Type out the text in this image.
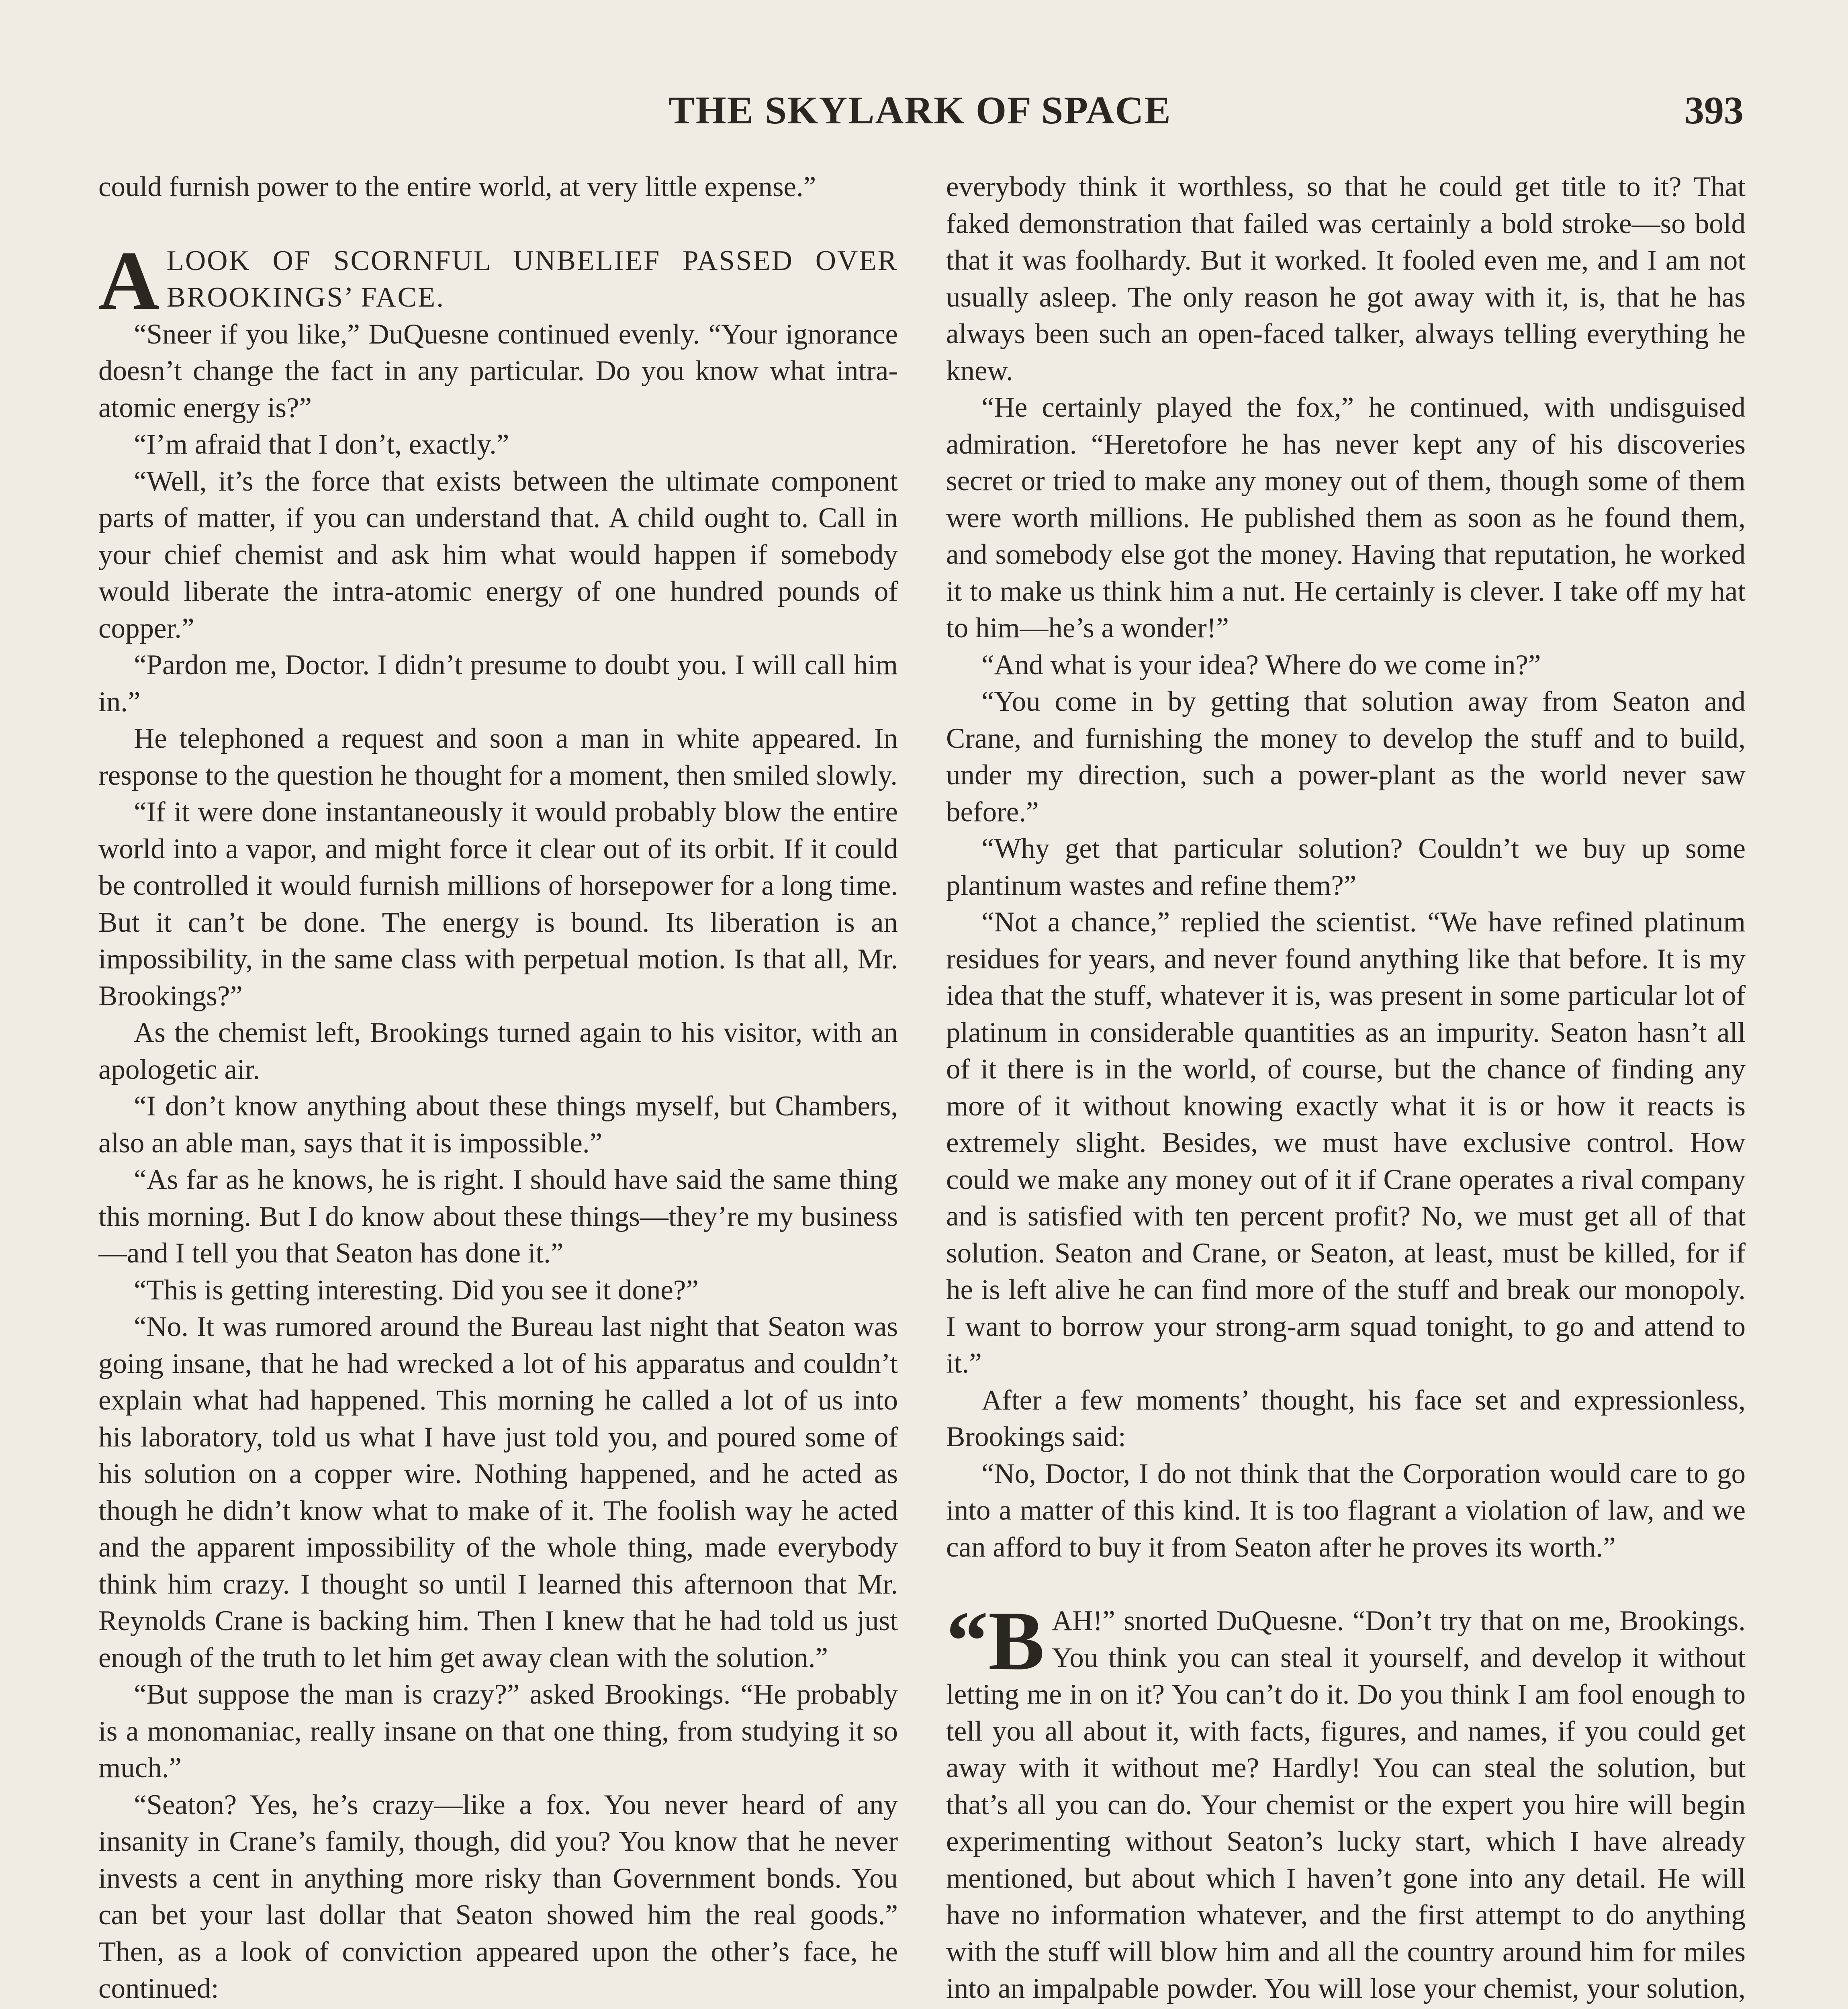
THE SKYLARK OF SPACE	393

could furnish power to the entire world, at very little expense.”

ALOOK OF SCORNFUL UNBELIEF PASSED OVER BROOKINGS’ FACE.

“Sneer if you like,” DuQuesne continued evenly. “Your ignorance doesn’t change the fact in any particular. Do you know what intra-atomic energy is?”

“I’m afraid that I don’t, exactly.”

“Well, it’s the force that exists between the ultimate component parts of matter, if you can understand that. A child ought to. Call in your chief chemist and ask him what would happen if somebody would liberate the intra-atomic energy of one hundred pounds of copper.”

“Pardon me, Doctor. I didn’t presume to doubt you. I will call him in.”

He telephoned a request and soon a man in white appeared. In response to the question he thought for a moment, then smiled slowly.

“If it were done instantaneously it would probably blow the entire world into a vapor, and might force it clear out of its orbit. If it could be controlled it would furnish millions of horsepower for a long time. But it can’t be done. The energy is bound. Its liberation is an impossibility, in the same class with perpetual motion. Is that all, Mr. Brookings?”

As the chemist left, Brookings turned again to his visitor, with an apologetic air.

“I don’t know anything about these things myself, but Chambers, also an able man, says that it is impossible.”

“As far as he knows, he is right. I should have said the same thing this morning. But I do know about these things—they’re my business—and I tell you that Seaton has done it.”

“This is getting interesting. Did you see it done?”

“No. It was rumored around the Bureau last night that Seaton was going insane, that he had wrecked a lot of his apparatus and couldn’t explain what had happened. This morning he called a lot of us into his laboratory, told us what I have just told you, and poured some of his solution on a copper wire. Nothing happened, and he acted as though he didn’t know what to make of it. The foolish way he acted and the apparent impossibility of the whole thing, made everybody think him crazy. I thought so until I learned this afternoon that Mr. Reynolds Crane is backing him. Then I knew that he had told us just enough of the truth to let him get away clean with the solution.”

“But suppose the man is crazy?” asked Brookings. “He probably is a monomaniac, really insane on that one thing, from studying it so much.”

“Seaton? Yes, he’s crazy—like a fox. You never heard of any insanity in Crane’s family, though, did you? You know that he never invests a cent in anything more risky than Government bonds. You can bet your last dollar that Seaton showed him the real goods.” Then, as a look of conviction appeared upon the other’s face, he continued:

everybody think it worthless, so that he could get title to it? That faked demonstration that failed was certainly a bold stroke—so bold that it was foolhardy. But it worked. It fooled even me, and I am not usually asleep. The only reason he got away with it, is, that he has always been such an open-faced talker, always telling everything he knew.

“He certainly played the fox,” he continued, with undisguised admiration. “Heretofore he has never kept any of his discoveries secret or tried to make any money out of them, though some of them were worth millions. He published them as soon as he found them, and somebody else got the money. Having that reputation, he worked it to make us think him a nut. He certainly is clever. I take off my hat to him—he’s a wonder!”

“And what is your idea? Where do we come in?”

“You come in by getting that solution away from Seaton and Crane, and furnishing the money to develop the stuff and to build, under my direction, such a power-plant as the world never saw before.”

“Why get that particular solution? Couldn’t we buy up some plantinum wastes and refine them?”

“Not a chance,” replied the scientist. “We have refined platinum residues for years, and never found anything like that before. It is my idea that the stuff, whatever it is, was present in some particular lot of platinum in considerable quantities as an impurity. Seaton hasn’t all of it there is in the world, of course, but the chance of finding any more of it without knowing exactly what it is or how it reacts is extremely slight. Besides, we must have exclusive control. How could we make any money out of it if Crane operates a rival company and is satisfied with ten percent profit? No, we must get all of that solution. Seaton and Crane, or Seaton, at least, must be killed, for if he is left alive he can find more of the stuff and break our monopoly. I want to borrow your strong-arm squad tonight, to go and attend to it.”

After a few moments’ thought, his face set and expressionless, Brookings said:

“No, Doctor, I do not think that the Corporation would care to go into a matter of this kind. It is too flagrant a violation of law, and we can afford to buy it from Seaton after he proves its worth.”

“BAH!” snorted DuQuesne. “Don’t try that on me, Brookings. You think you can steal it yourself, and develop it without letting me in on it? You can’t do it. Do you think I am fool enough to tell you all about it, with facts, figures, and names, if you could get away with it without me? Hardly! You can steal the solution, but that’s all you can do. Your chemist or the expert you hire will begin experimenting without Seaton’s lucky start, which I have already mentioned, but about which I haven’t gone into any detail. He will have no information whatever, and the first attempt to do anything with the stuff will blow him and all the country around him for miles into an impalpable powder. You will lose your chemist, your solution,
